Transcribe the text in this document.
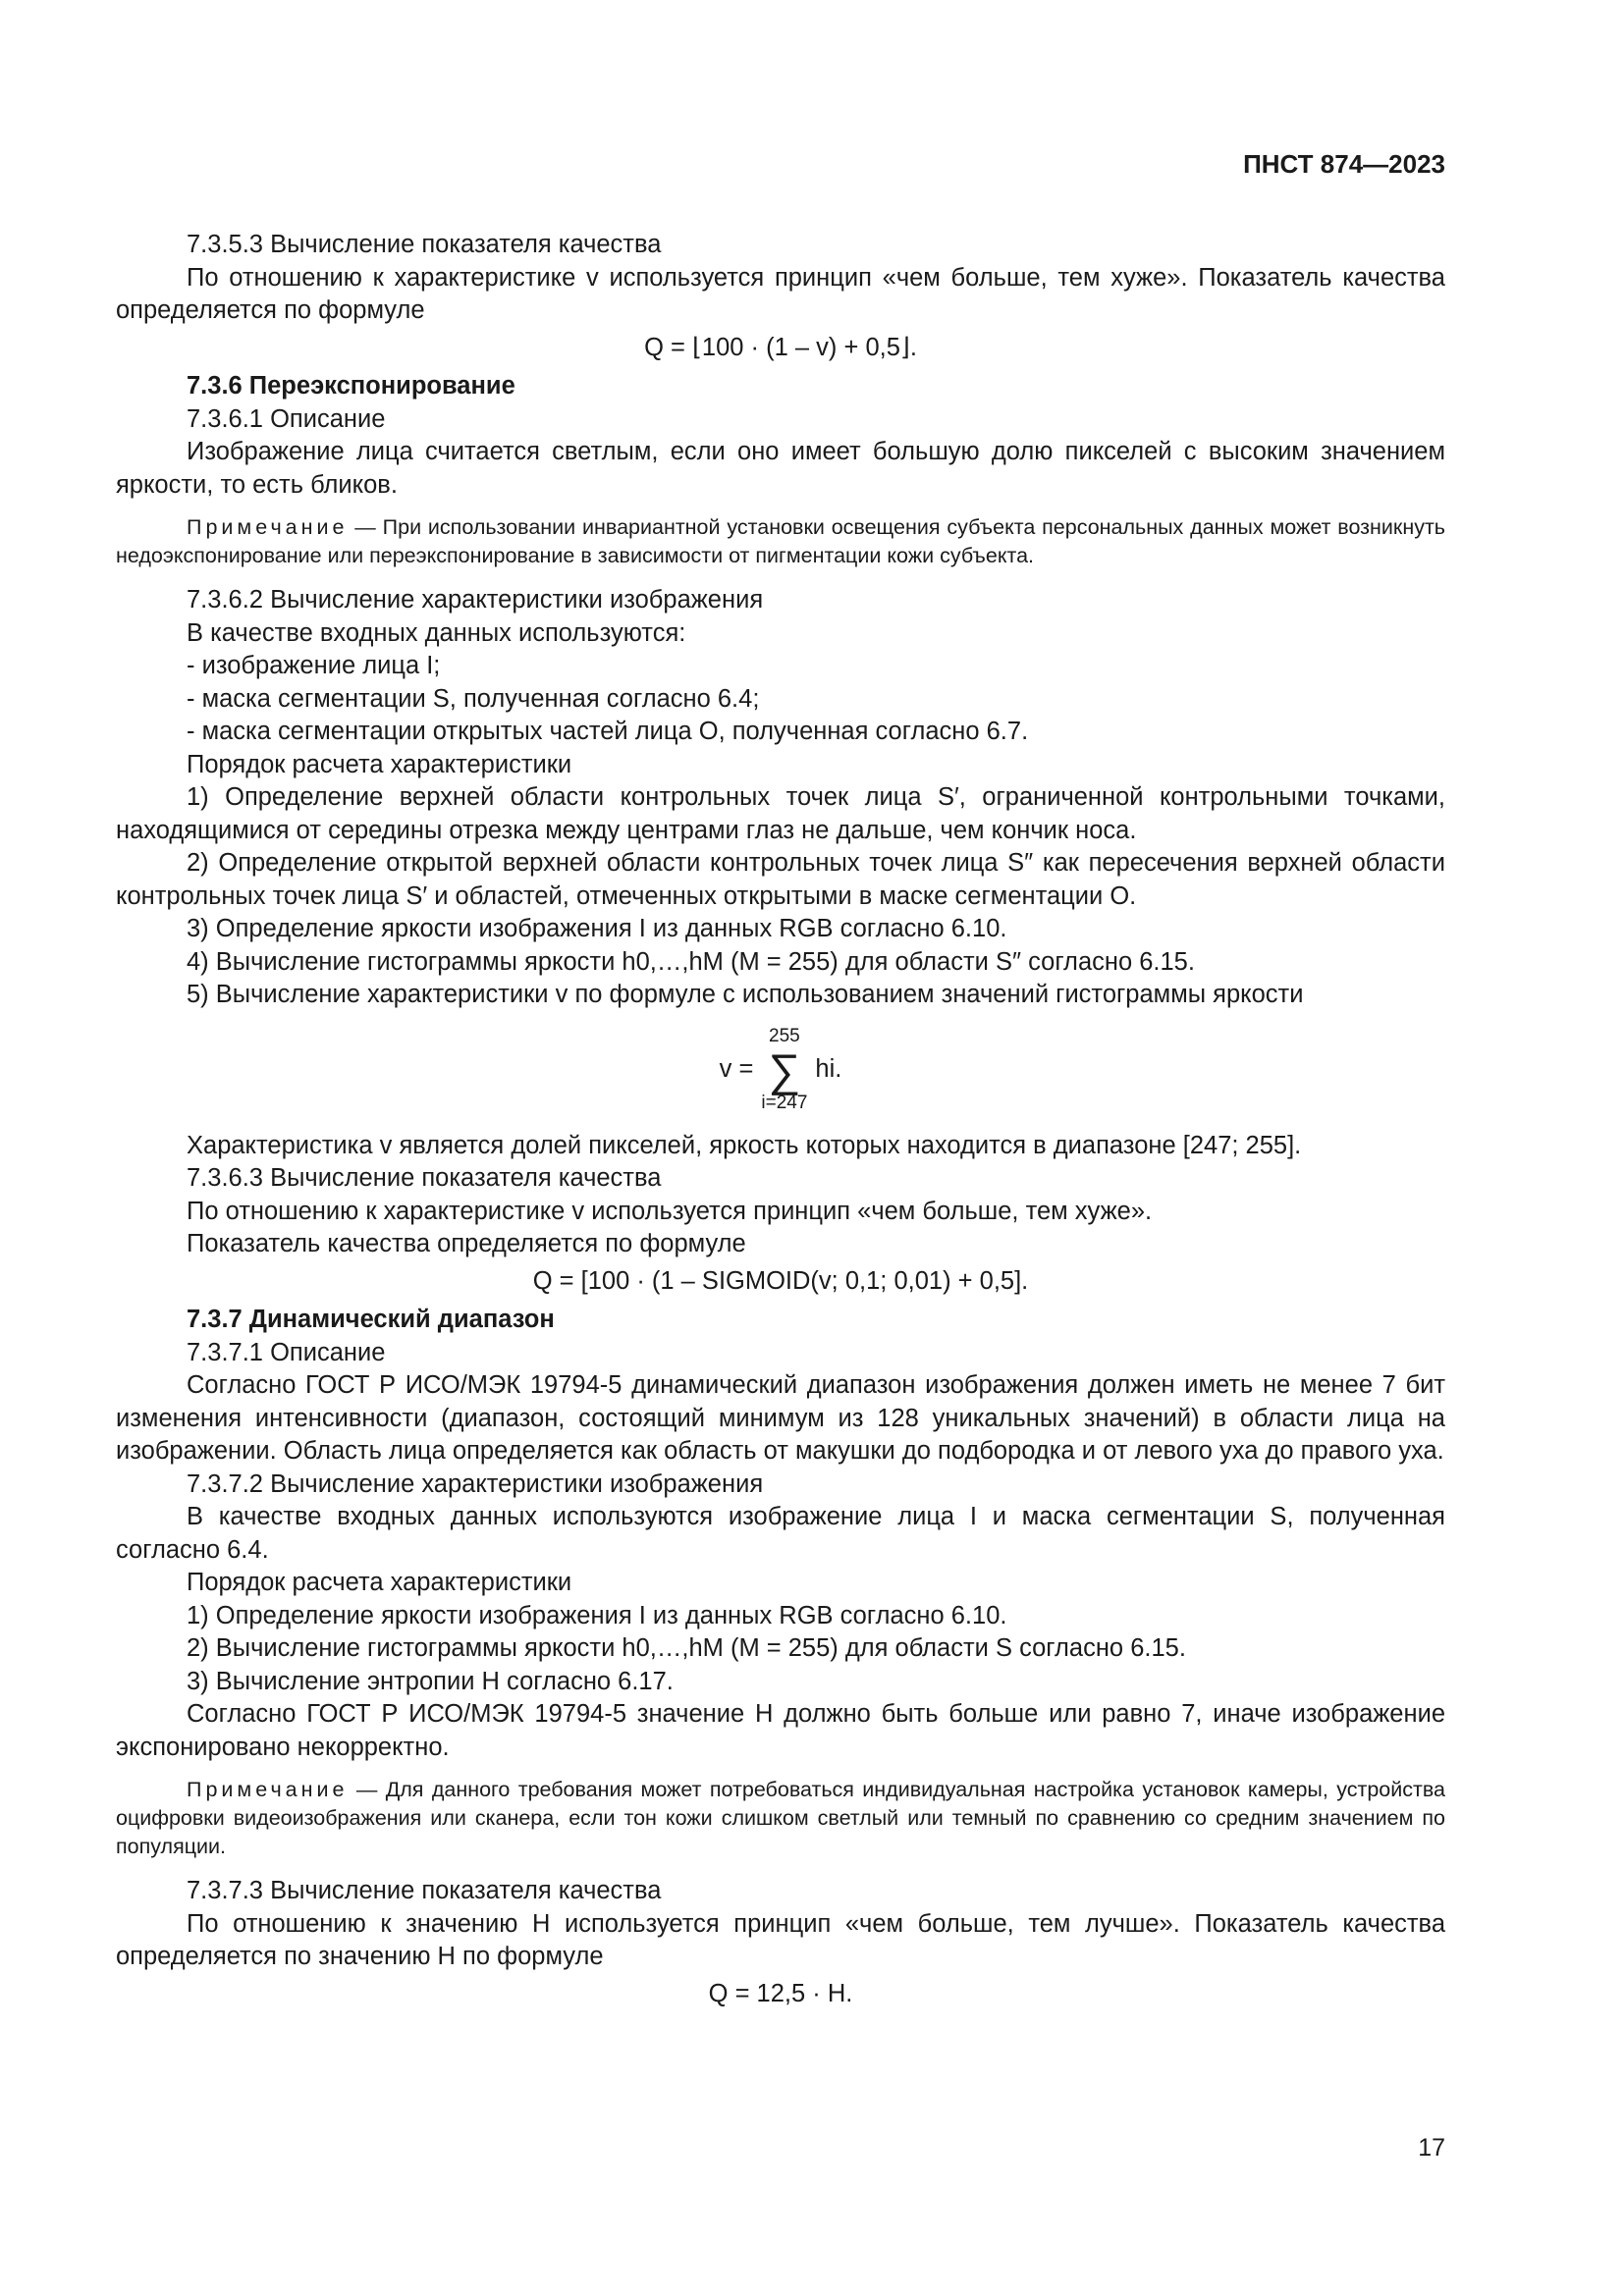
ПНСТ 874—2023

7.3.5.3 Вычисление показателя качества

По отношению к характеристике v используется принцип «чем больше, тем хуже». Показатель качества определяется по формуле

Q = ⌊100 · (1 – v) + 0,5⌋.

7.3.6 Переэкспонирование

7.3.6.1 Описание

Изображение лица считается светлым, если оно имеет большую долю пикселей с высоким значением яркости, то есть бликов.

Примечание — При использовании инвариантной установки освещения субъекта персональных данных может возникнуть недоэкспонирование или переэкспонирование в зависимости от пигментации кожи субъекта.

7.3.6.2 Вычисление характеристики изображения

В качестве входных данных используются:

- изображение лица I;

- маска сегментации S, полученная согласно 6.4;

- маска сегментации открытых частей лица O, полученная согласно 6.7.

Порядок расчета характеристики

1) Определение верхней области контрольных точек лица S′, ограниченной контрольными точками, находящимися от середины отрезка между центрами глаз не дальше, чем кончик носа.

2) Определение открытой верхней области контрольных точек лица S″ как пересечения верхней области контрольных точек лица S′ и областей, отмеченных открытыми в маске сегментации O.

3) Определение яркости изображения I из данных RGB согласно 6.10.

4) Вычисление гистограммы яркости h0,…,hM (M = 255) для области S″ согласно 6.15.

5) Вычисление характеристики v по формуле с использованием значений гистограммы яркости

v =
255
∑
i=247
hi.

Характеристика v является долей пикселей, яркость которых находится в диапазоне [247; 255].

7.3.6.3 Вычисление показателя качества

По отношению к характеристике v используется принцип «чем больше, тем хуже».

Показатель качества определяется по формуле

Q = [100 · (1 – SIGMOID(v; 0,1; 0,01) + 0,5].

7.3.7 Динамический диапазон

7.3.7.1 Описание

Согласно ГОСТ Р ИСО/МЭК 19794-5 динамический диапазон изображения должен иметь не менее 7 бит изменения интенсивности (диапазон, состоящий минимум из 128 уникальных значений) в области лица на изображении. Область лица определяется как область от макушки до подбородка и от левого уха до правого уха.

7.3.7.2 Вычисление характеристики изображения

В качестве входных данных используются изображение лица I и маска сегментации S, полученная согласно 6.4.

Порядок расчета характеристики

1) Определение яркости изображения I из данных RGB согласно 6.10.

2) Вычисление гистограммы яркости h0,…,hM (M = 255) для области S согласно 6.15.

3) Вычисление энтропии H согласно 6.17.

Согласно ГОСТ Р ИСО/МЭК 19794-5 значение H должно быть больше или равно 7, иначе изображение экспонировано некорректно.

Примечание — Для данного требования может потребоваться индивидуальная настройка установок камеры, устройства оцифровки видеоизображения или сканера, если тон кожи слишком светлый или темный по сравнению со средним значением по популяции.

7.3.7.3 Вычисление показателя качества

По отношению к значению H используется принцип «чем больше, тем лучше». Показатель качества определяется по значению H по формуле

Q = 12,5 · H.

17
